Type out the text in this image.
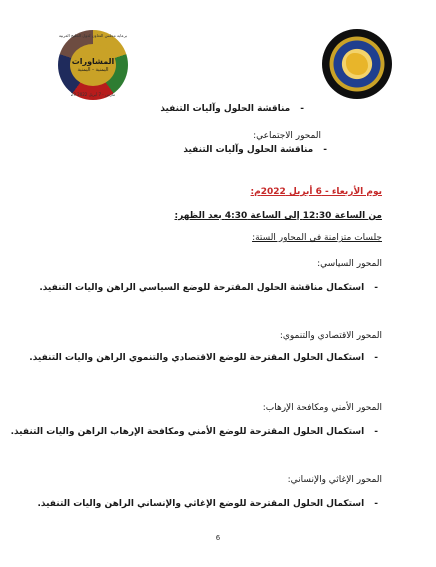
برعاية مجلس التعاون لدول الخليج العربية
المشاورات
اليمنية - اليمنية
29 مارس - 7 أبريل 2022
-مناقشة الحلول وآليات التنفيذ
المحور الاجتماعي:
-مناقشة الحلول وآليات التنفيذ
يوم الأربعاء - 6 أبريل 2022م:
من الساعة 12:30 إلى الساعة 4:30 بعد الظهر:
جلسات متزامنة في المحاور الستة:
المحور السياسي:
-استكمال مناقشة الحلول المقترحة للوضع السياسي الراهن واليات التنفيذ.
المحور الاقتصادي والتنموي:
-استكمال الحلول المقترحة للوضع الاقتصادي والتنموي الراهن واليات التنفيذ.
المحور الأمني ومكافحة الإرهاب:
-استكمال الحلول المقترحة للوضع الأمني ومكافحة الإرهاب الراهن واليات التنفيذ.
المحور الإغاثي والإنساني:
-استكمال الحلول المقترحة للوضع الإغاثي والإنساني الراهن واليات التنفيذ.
6
